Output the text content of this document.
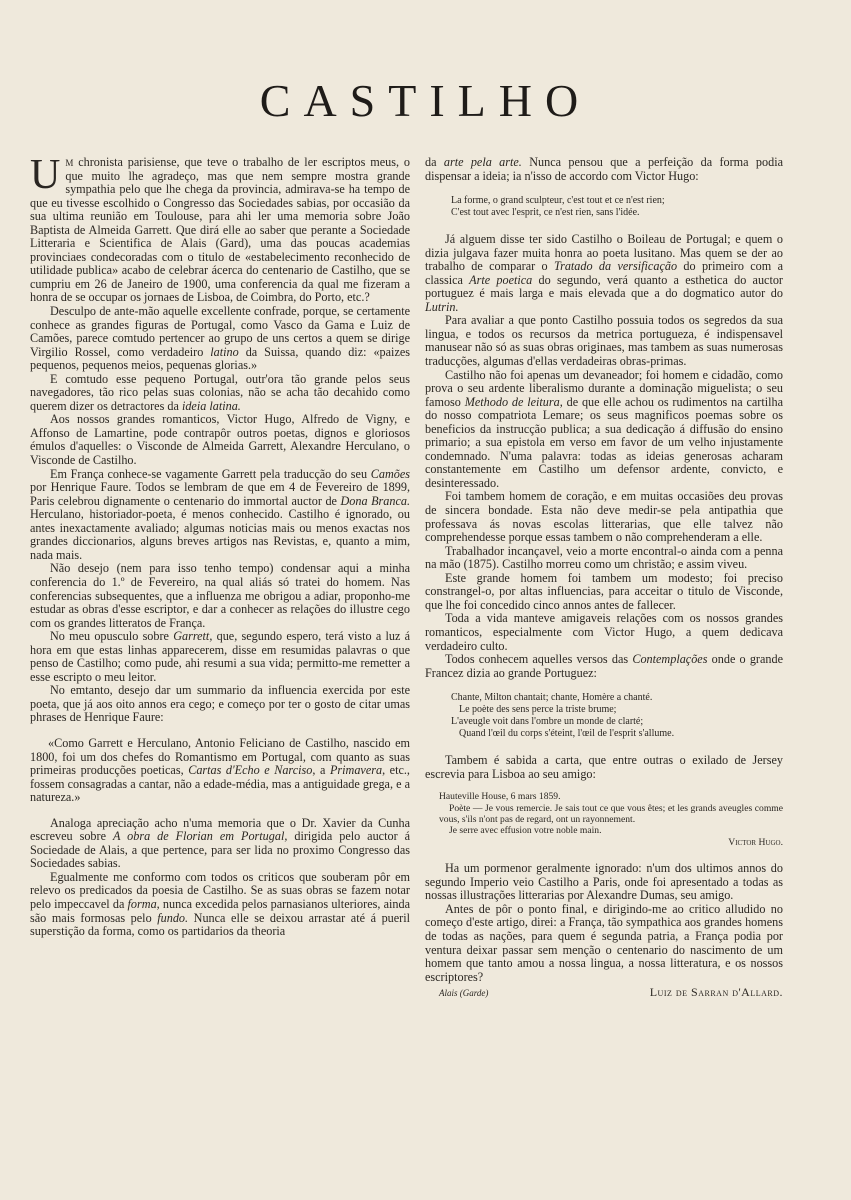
CASTILHO

Um chronista parisiense, que teve o trabalho de ler escriptos meus, o que muito lhe agradeço, mas que nem sempre mostra grande sympathia pelo que lhe chega da provincia, admirava-se ha tempo de que eu tivesse escolhido o Congresso das Sociedades sabias, por occasião da sua ultima reunião em Toulouse, para ahi ler uma memoria sobre João Baptista de Almeida Garrett. Que dirá elle ao saber que perante a Sociedade Litteraria e Scientifica de Alais (Gard), uma das poucas academias provinciaes condecoradas com o titulo de «estabelecimento reconhecido de utilidade publica» acabo de celebrar ácerca do centenario de Castilho, que se cumpriu em 26 de Janeiro de 1900, uma conferencia da qual me fizeram a honra de se occupar os jornaes de Lisboa, de Coimbra, do Porto, etc.?

Desculpo de ante-mão aquelle excellente confrade, porque, se certamente conhece as grandes figuras de Portugal, como Vasco da Gama e Luiz de Camões, parece comtudo pertencer ao grupo de uns certos a quem se dirige Virgilio Rossel, como verdadeiro latino da Suissa, quando diz: «paizes pequenos, pequenos meios, pequenas glorias.»

E comtudo esse pequeno Portugal, outr'ora tão grande pelos seus navegadores, tão rico pelas suas colonias, não se acha tão decahido como querem dizer os detractores da ideia latina.

Aos nossos grandes romanticos, Victor Hugo, Alfredo de Vigny, e Affonso de Lamartine, pode contrapôr outros poetas, dignos e gloriosos émulos d'aquelles: o Visconde de Almeida Garrett, Alexandre Herculano, o Visconde de Castilho.

Em França conhece-se vagamente Garrett pela traducção do seu Camões por Henrique Faure. Todos se lembram de que em 4 de Fevereiro de 1899, Paris celebrou dignamente o centenario do immortal auctor de Dona Branca. Herculano, historiador-poeta, é menos conhecido. Castilho é ignorado, ou antes inexactamente avaliado; algumas noticias mais ou menos exactas nos grandes diccionarios, alguns breves artigos nas Revistas, e, quanto a mim, nada mais.

Não desejo (nem para isso tenho tempo) condensar aqui a minha conferencia do 1.º de Fevereiro, na qual aliás só tratei do homem. Nas conferencias subsequentes, que a influenza me obrigou a adiar, proponho-me estudar as obras d'esse escriptor, e dar a conhecer as relações do illustre cego com os grandes litteratos de França.

No meu opusculo sobre Garrett, que, segundo espero, terá visto a luz á hora em que estas linhas apparecerem, disse em resumidas palavras o que penso de Castilho; como pude, ahi resumi a sua vida; permitto-me remetter a esse escripto o meu leitor.

No emtanto, desejo dar um summario da influencia exercida por este poeta, que já aos oito annos era cego; e começo por ter o gosto de citar umas phrases de Henrique Faure:

«Como Garrett e Herculano, Antonio Feliciano de Castilho, nascido em 1800, foi um dos chefes do Romantismo em Portugal, com quanto as suas primeiras producções poeticas, Cartas d'Echo e Narciso, a Primavera, etc., fossem consagradas a cantar, não a edade-média, mas a antiguidade grega, e a natureza.»

Analoga apreciação acho n'uma memoria que o Dr. Xavier da Cunha escreveu sobre A obra de Florian em Portugal, dirigida pelo auctor á Sociedade de Alais, a que pertence, para ser lida no proximo Congresso das Sociedades sabias.

Egualmente me conformo com todos os criticos que souberam pôr em relevo os predicados da poesia de Castilho. Se as suas obras se fazem notar pelo impeccavel da forma, nunca excedida pelos parnasianos ulteriores, ainda são mais formosas pelo fundo. Nunca elle se deixou arrastar até á pueril superstição da forma, como os partidarios da theoria

da arte pela arte. Nunca pensou que a perfeição da forma podia dispensar a ideia; ia n'isso de accordo com Victor Hugo:

La forme, o grand sculpteur, c'est tout et ce n'est rien;
C'est tout avec l'esprit, ce n'est rien, sans l'idée.

Já alguem disse ter sido Castilho o Boileau de Portugal; e quem o dizia julgava fazer muita honra ao poeta lusitano. Mas quem se der ao trabalho de comparar o Tratado da versificação do primeiro com a classica Arte poetica do segundo, verá quanto a esthetica do auctor portuguez é mais larga e mais elevada que a do dogmatico autor do Lutrin.

Para avaliar a que ponto Castilho possuia todos os segredos da sua lingua, e todos os recursos da metrica portugueza, é indispensavel manusear não só as suas obras originaes, mas tambem as suas numerosas traducções, algumas d'ellas verdadeiras obras-primas.

Castilho não foi apenas um devaneador; foi homem e cidadão, como prova o seu ardente liberalismo durante a dominação miguelista; o seu famoso Methodo de leitura, de que elle achou os rudimentos na cartilha do nosso compatriota Lemare; os seus magnificos poemas sobre os beneficios da instrucção publica; a sua dedicação á diffusão do ensino primario; a sua epistola em verso em favor de um velho injustamente condemnado. N'uma palavra: todas as ideias generosas acharam constantemente em Castilho um defensor ardente, convicto, e desinteressado.

Foi tambem homem de coração, e em muitas occasiões deu provas de sincera bondade. Esta não deve medir-se pela antipathia que professava ás novas escolas litterarias, que elle talvez não comprehendesse porque essas tambem o não comprehenderam a elle.

Trabalhador incançavel, veio a morte encontral-o ainda com a penna na mão (1875). Castilho morreu como um christão; e assim viveu.

Este grande homem foi tambem um modesto; foi preciso constrangel-o, por altas influencias, para acceitar o titulo de Visconde, que lhe foi concedido cinco annos antes de fallecer.

Toda a vida manteve amigaveis relações com os nossos grandes romanticos, especialmente com Victor Hugo, a quem dedicava verdadeiro culto.

Todos conhecem aquelles versos das Contemplações onde o grande Francez dizia ao grande Portuguez:

Chante, Milton chantait; chante, Homère a chanté.
Le poète des sens perce la triste brume;
L'aveugle voit dans l'ombre un monde de clarté;
Quand l'œil du corps s'éteint, l'œil de l'esprit s'allume.

Tambem é sabida a carta, que entre outras o exilado de Jersey escrevia para Lisboa ao seu amigo:

Hauteville House, 6 mars 1859.
Poète — Je vous remercie. Je sais tout ce que vous êtes; et les grands aveugles comme vous, s'ils n'ont pas de regard, ont un rayonnement.
Je serre avec effusion votre noble main.
Victor Hugo.

Ha um pormenor geralmente ignorado: n'um dos ultimos annos do segundo Imperio veio Castilho a Paris, onde foi apresentado a todas as nossas illustrações litterarias por Alexandre Dumas, seu amigo.

Antes de pôr o ponto final, e dirigindo-me ao critico alludido no começo d'este artigo, direi: a França, tão sympathica aos grandes homens de todas as nações, para quem é segunda patria, a França podia por ventura deixar passar sem menção o centenario do nascimento de um homem que tanto amou a nossa lingua, a nossa litteratura, e os nossos escriptores?

Alais (Garde)	Luiz de Sarran d'Allard.
